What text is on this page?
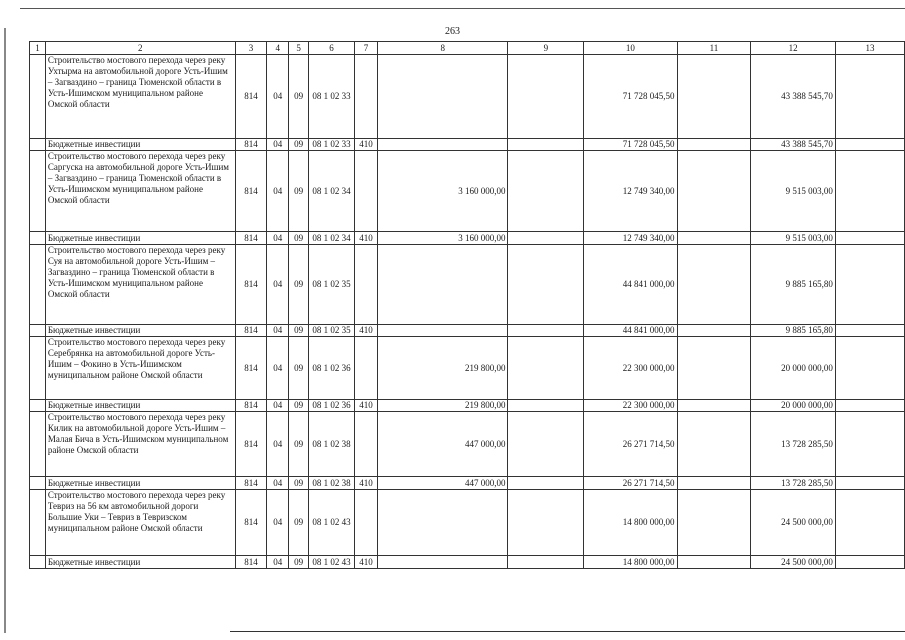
263
1	2	3	4	5	6	7	8	9	10	11	12	13
	Строительство мостового перехода через реку Ухтырма на автомобильной дороге Усть-Ишим – Загваздино – граница Тюменской области в Усть-Ишимском муниципальном районе Омской области	814	04	09	08 1 02 33				71 728 045,50		43 388 545,70	
	Бюджетные инвестиции	814	04	09	08 1 02 33	410			71 728 045,50		43 388 545,70	
	Строительство мостового перехода через реку Саргуска на автомобильной дороге Усть-Ишим – Загваздино – граница Тюменской области в Усть-Ишимском муниципальном районе Омской области	814	04	09	08 1 02 34		3 160 000,00		12 749 340,00		9 515 003,00	
	Бюджетные инвестиции	814	04	09	08 1 02 34	410	3 160 000,00		12 749 340,00		9 515 003,00	
	Строительство мостового перехода через реку Суя на автомобильной дороге Усть-Ишим – Загваздино – граница Тюменской области в Усть-Ишимском муниципальном районе Омской области	814	04	09	08 1 02 35				44 841 000,00		9 885 165,80	
	Бюджетные инвестиции	814	04	09	08 1 02 35	410			44 841 000,00		9 885 165,80	
	Строительство мостового перехода через реку Серебрянка на автомобильной дороге Усть-Ишим – Фокино в Усть-Ишимском муниципальном районе Омской области	814	04	09	08 1 02 36		219 800,00		22 300 000,00		20 000 000,00	
	Бюджетные инвестиции	814	04	09	08 1 02 36	410	219 800,00		22 300 000,00		20 000 000,00	
	Строительство мостового перехода через реку Килик на автомобильной дороге Усть-Ишим – Малая Бича в Усть-Ишимском муниципальном районе Омской области	814	04	09	08 1 02 38		447 000,00		26 271 714,50		13 728 285,50	
	Бюджетные инвестиции	814	04	09	08 1 02 38	410	447 000,00		26 271 714,50		13 728 285,50	
	Строительство мостового перехода через реку Тевриз на 56 км автомобильной дороги Большие Уки – Тевриз в Тевризском муниципальном районе Омской области	814	04	09	08 1 02 43				14 800 000,00		24 500 000,00	
	Бюджетные инвестиции	814	04	09	08 1 02 43	410			14 800 000,00		24 500 000,00	
